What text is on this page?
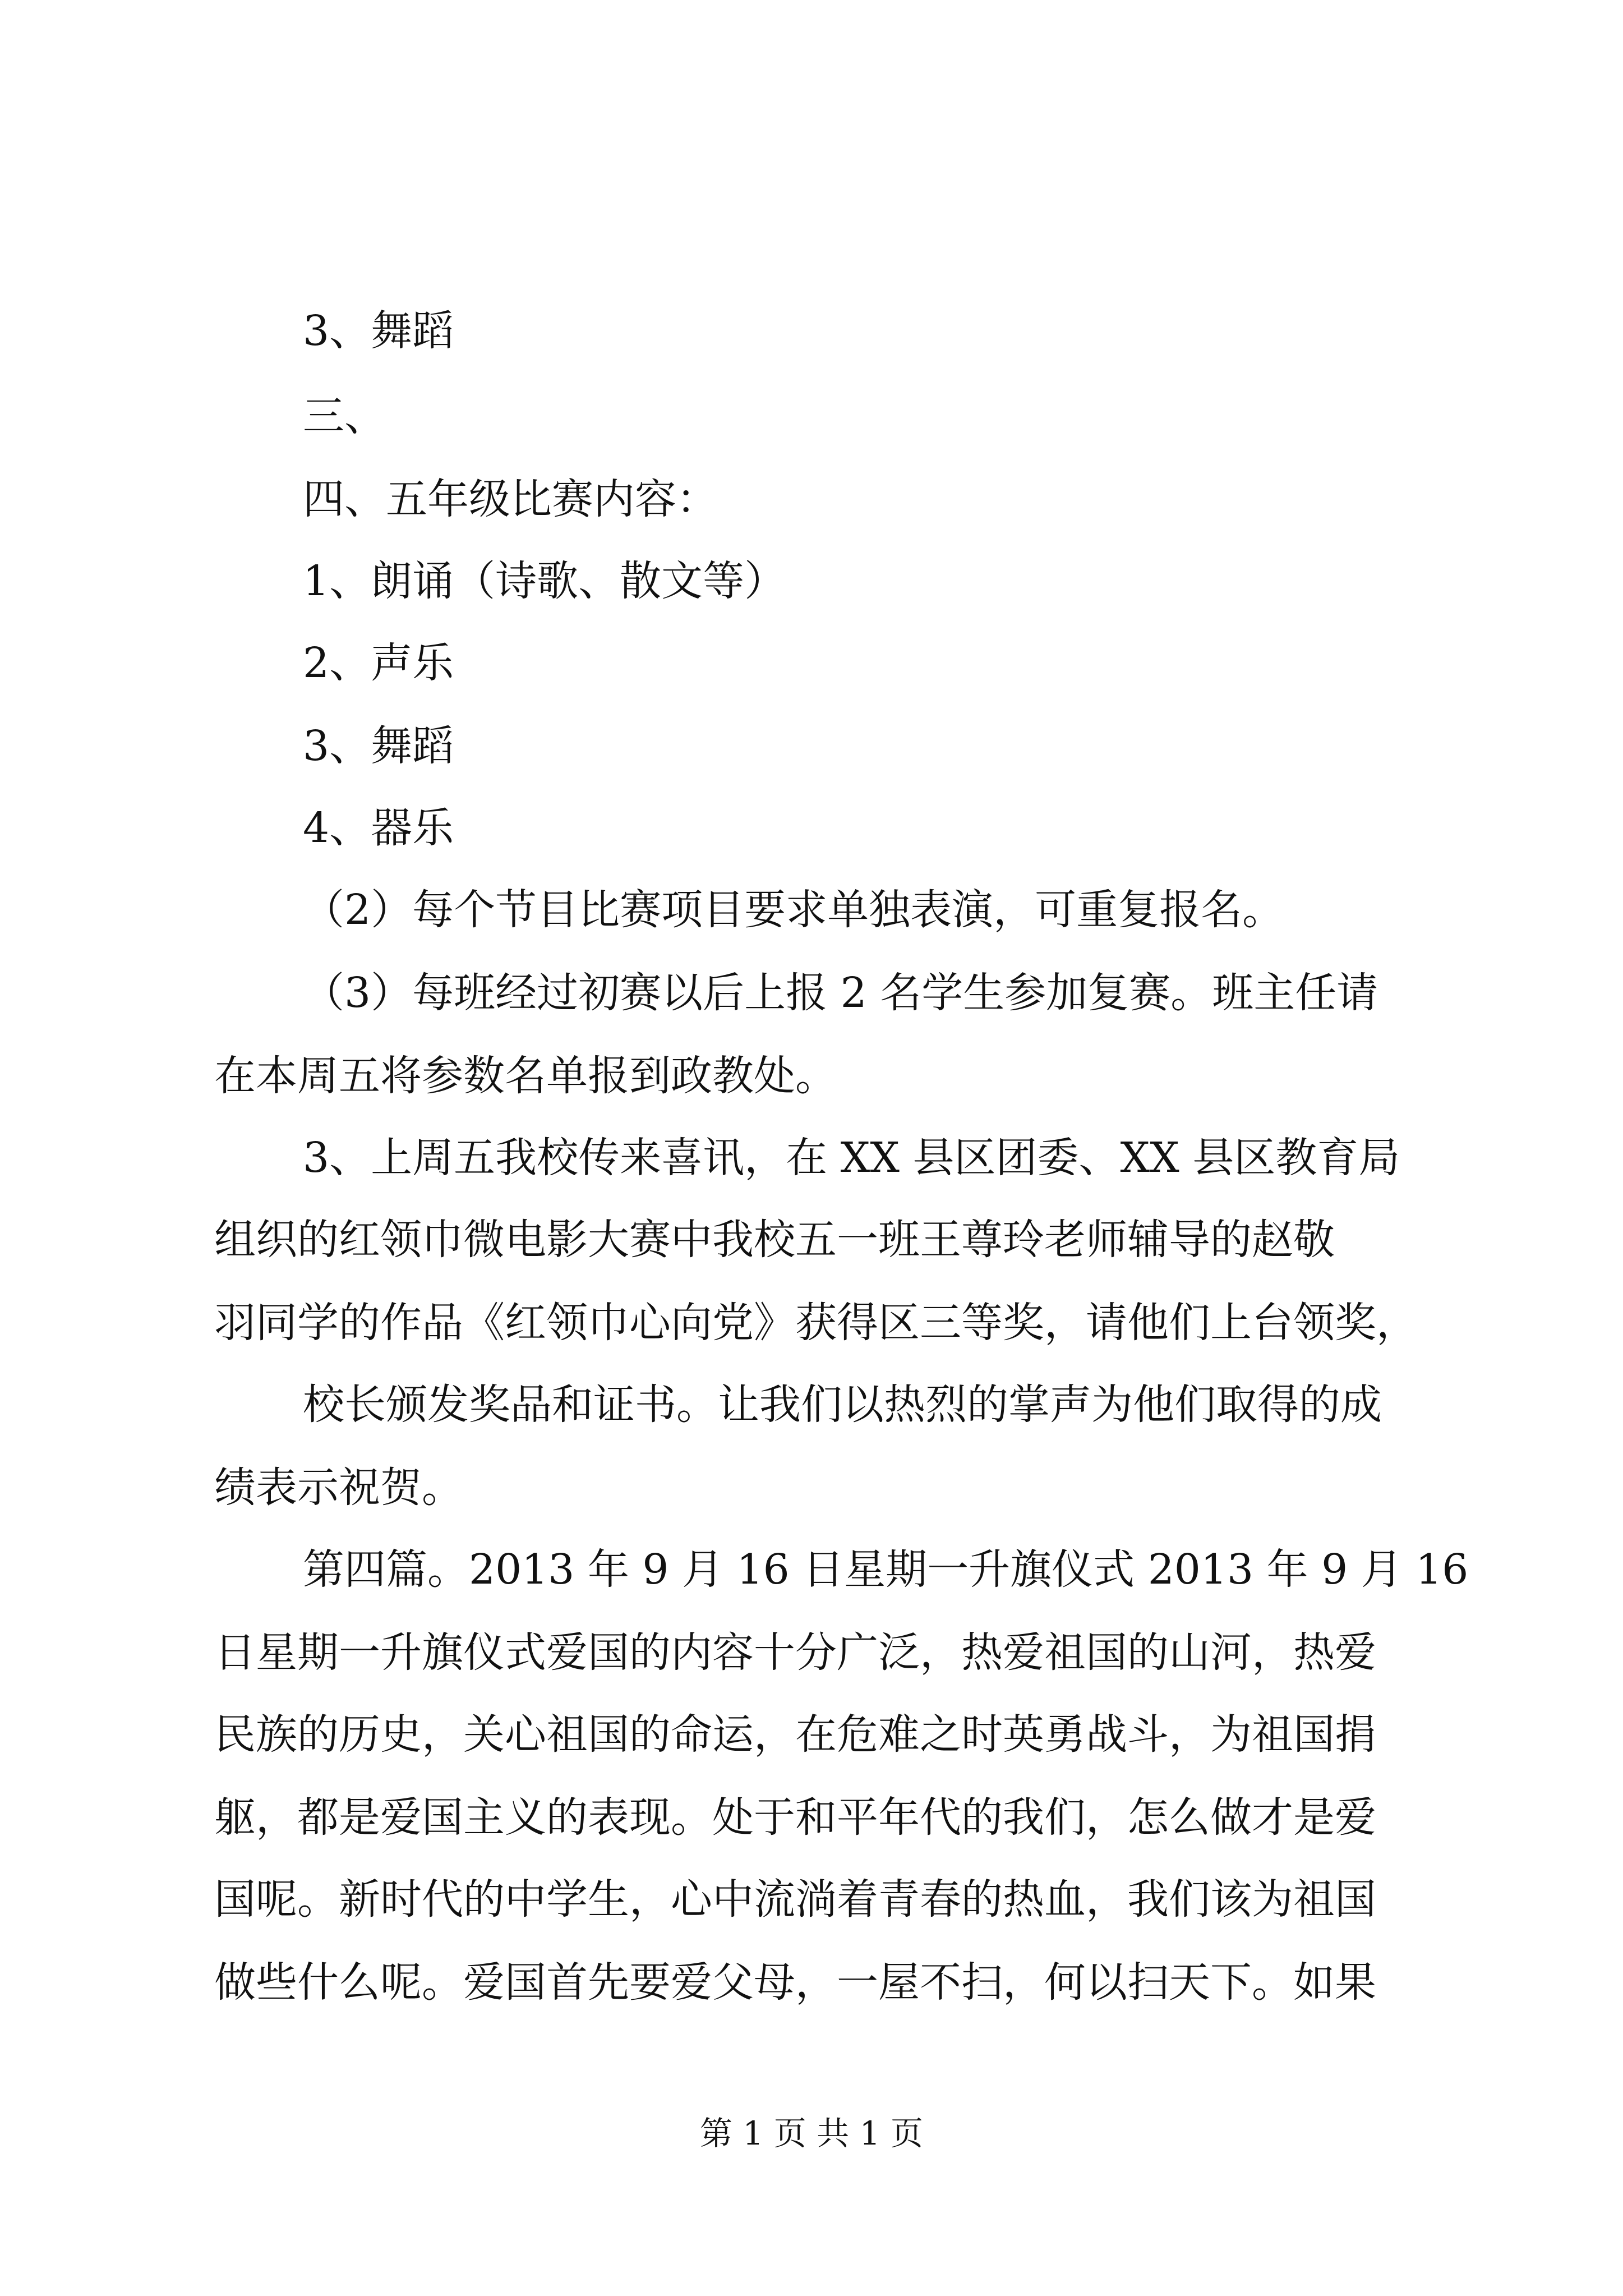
3、舞蹈
三、
四、五年级比赛内容：
1、朗诵（诗歌、散文等）
2、声乐
3、舞蹈
4、器乐
（2）每个节目比赛项目要求单独表演，可重复报名。
（3）每班经过初赛以后上报 2 名学生参加复赛。班主任请
在本周五将参数名单报到政教处。
3、上周五我校传来喜讯，在 XX 县区团委、XX 县区教育局
组织的红领巾微电影大赛中我校五一班王尊玲老师辅导的赵敬
羽同学的作品《红领巾心向党》获得区三等奖，请他们上台领奖，
校长颁发奖品和证书。让我们以热烈的掌声为他们取得的成
绩表示祝贺。
第四篇。2013 年 9 月 16 日星期一升旗仪式 2013 年 9 月 16
日星期一升旗仪式爱国的内容十分广泛，热爱祖国的山河，热爱
民族的历史，关心祖国的命运，在危难之时英勇战斗，为祖国捐
躯，都是爱国主义的表现。处于和平年代的我们，怎么做才是爱
国呢。新时代的中学生，心中流淌着青春的热血，我们该为祖国
做些什么呢。爱国首先要爱父母，一屋不扫，何以扫天下。如果
第 1 页 共 1 页
